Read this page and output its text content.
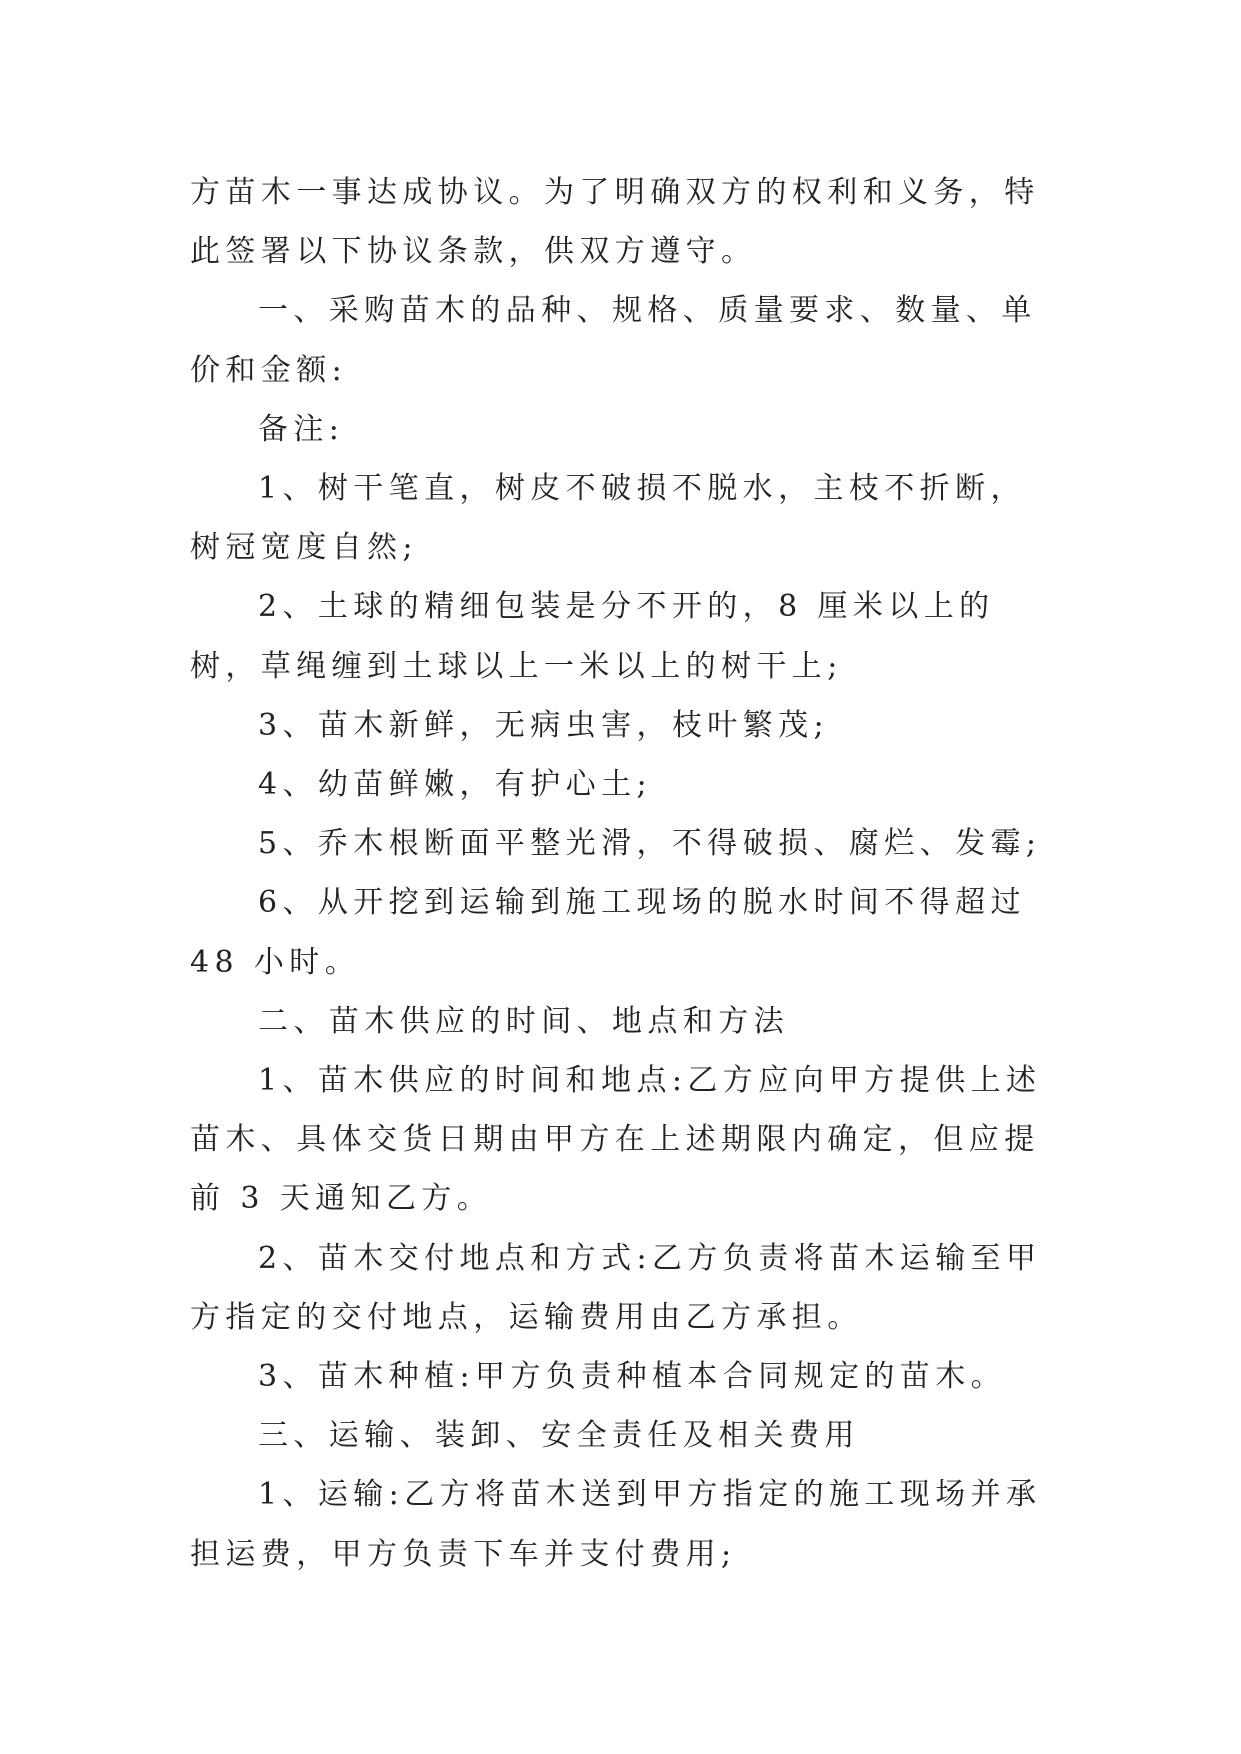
方苗木一事达成协议。为了明确双方的权利和义务，特此签署以下协议条款，供双方遵守。

一、采购苗木的品种、规格、质量要求、数量、单价和金额:

备注:

1、树干笔直，树皮不破损不脱水，主枝不折断，树冠宽度自然;

2、土球的精细包装是分不开的，8 厘米以上的树，草绳缠到土球以上一米以上的树干上;

3、苗木新鲜，无病虫害，枝叶繁茂;

4、幼苗鲜嫩，有护心土;

5、乔木根断面平整光滑，不得破损、腐烂、发霉;

6、从开挖到运输到施工现场的脱水时间不得超过 48 小时。

二、苗木供应的时间、地点和方法

1、苗木供应的时间和地点:乙方应向甲方提供上述苗木、具体交货日期由甲方在上述期限内确定，但应提前 3 天通知乙方。

2、苗木交付地点和方式:乙方负责将苗木运输至甲方指定的交付地点，运输费用由乙方承担。

3、苗木种植:甲方负责种植本合同规定的苗木。

三、运输、装卸、安全责任及相关费用

1、运输:乙方将苗木送到甲方指定的施工现场并承担运费，甲方负责下车并支付费用;
